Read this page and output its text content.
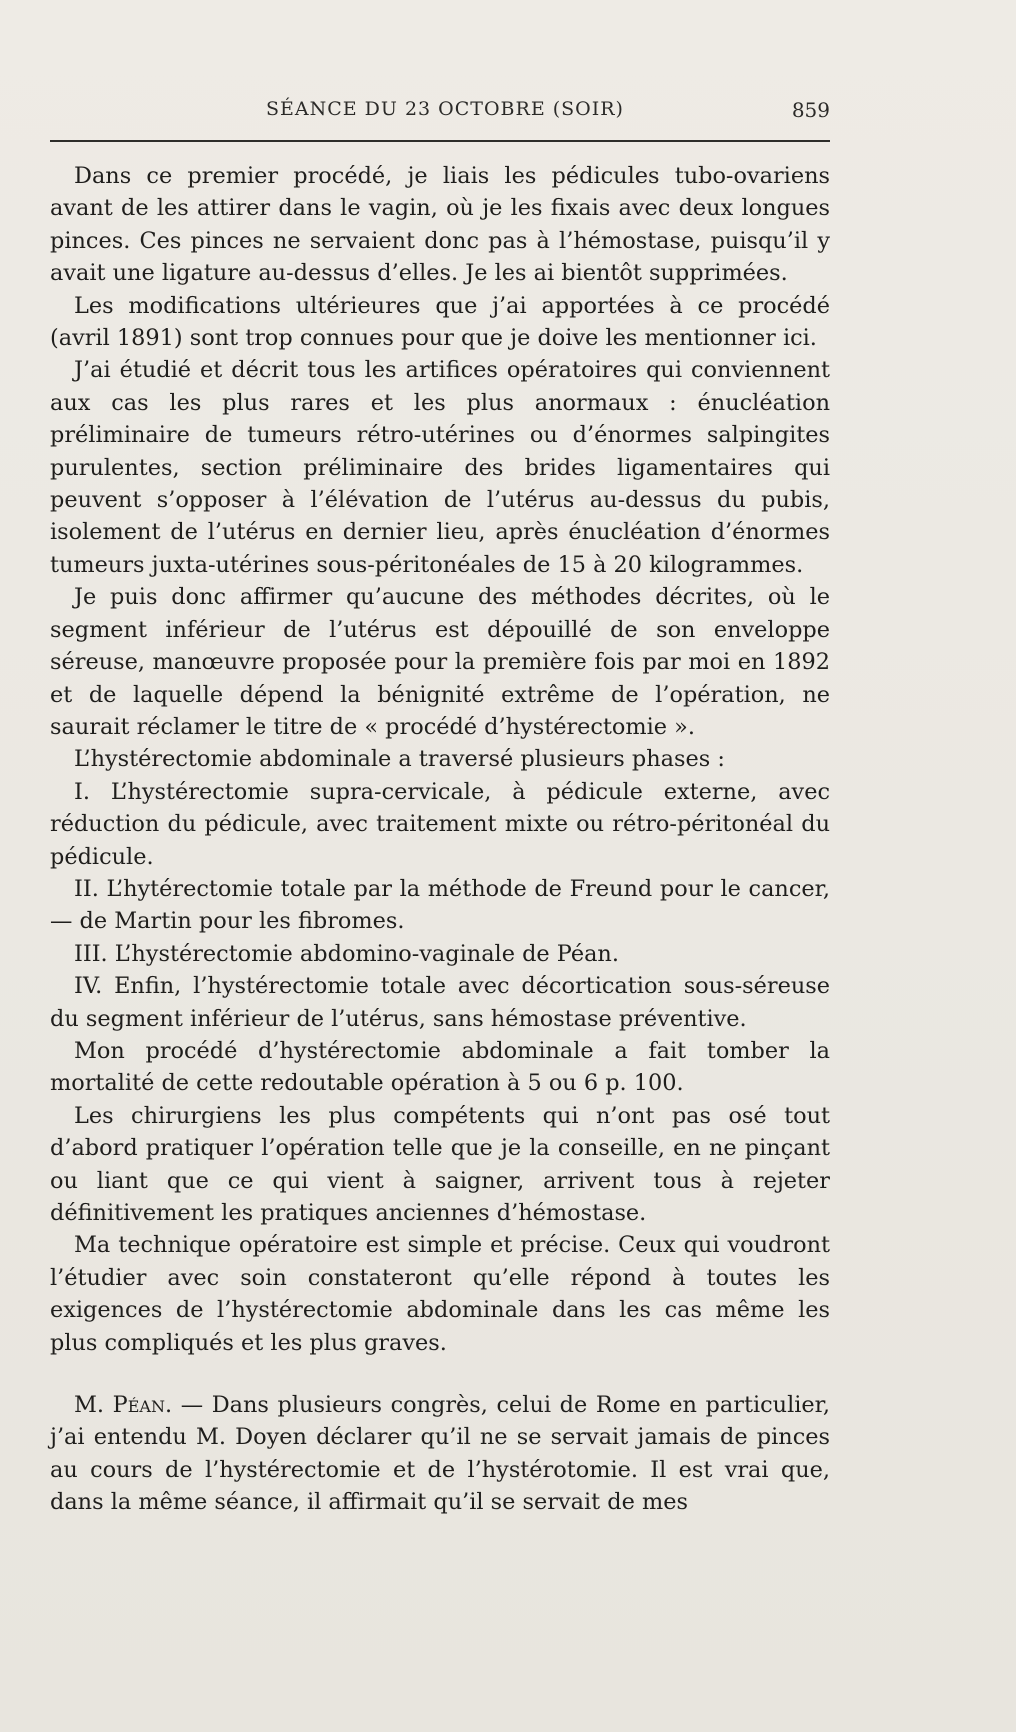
SÉANCE DU 23 OCTOBRE (SOIR)	859

Dans ce premier procédé, je liais les pédicules tubo-ovariens avant de les attirer dans le vagin, où je les fixais avec deux longues pinces. Ces pinces ne servaient donc pas à l’hémostase, puisqu’il y avait une ligature au-dessus d’elles. Je les ai bientôt supprimées.

Les modifications ultérieures que j’ai apportées à ce procédé (avril 1891) sont trop connues pour que je doive les mentionner ici.

J’ai étudié et décrit tous les artifices opératoires qui conviennent aux cas les plus rares et les plus anormaux : énucléation préliminaire de tumeurs rétro-utérines ou d’énormes salpingites purulentes, section préliminaire des brides ligamentaires qui peuvent s’opposer à l’élévation de l’utérus au-dessus du pubis, isolement de l’utérus en dernier lieu, après énucléation d’énormes tumeurs juxta-utérines sous-péritonéales de 15 à 20 kilogrammes.

Je puis donc affirmer qu’aucune des méthodes décrites, où le segment inférieur de l’utérus est dépouillé de son enveloppe séreuse, manœuvre proposée pour la première fois par moi en 1892 et de laquelle dépend la bénignité extrême de l’opération, ne saurait réclamer le titre de « procédé d’hystérectomie ».

L’hystérectomie abdominale a traversé plusieurs phases :

I. L’hystérectomie supra-cervicale, à pédicule externe, avec réduction du pédicule, avec traitement mixte ou rétro-péritonéal du pédicule.

II. L’hytérectomie totale par la méthode de Freund pour le cancer, — de Martin pour les fibromes.

III. L’hystérectomie abdomino-vaginale de Péan.

IV. Enfin, l’hystérectomie totale avec décortication sous-séreuse du segment inférieur de l’utérus, sans hémostase préventive.

Mon procédé d’hystérectomie abdominale a fait tomber la mortalité de cette redoutable opération à 5 ou 6 p. 100.

Les chirurgiens les plus compétents qui n’ont pas osé tout d’abord pratiquer l’opération telle que je la conseille, en ne pinçant ou liant que ce qui vient à saigner, arrivent tous à rejeter définitivement les pratiques anciennes d’hémostase.

Ma technique opératoire est simple et précise. Ceux qui voudront l’étudier avec soin constateront qu’elle répond à toutes les exigences de l’hystérectomie abdominale dans les cas même les plus compliqués et les plus graves.

M. Péan. — Dans plusieurs congrès, celui de Rome en particulier, j’ai entendu M. Doyen déclarer qu’il ne se servait jamais de pinces au cours de l’hystérectomie et de l’hystérotomie. Il est vrai que, dans la même séance, il affirmait qu’il se servait de mes
